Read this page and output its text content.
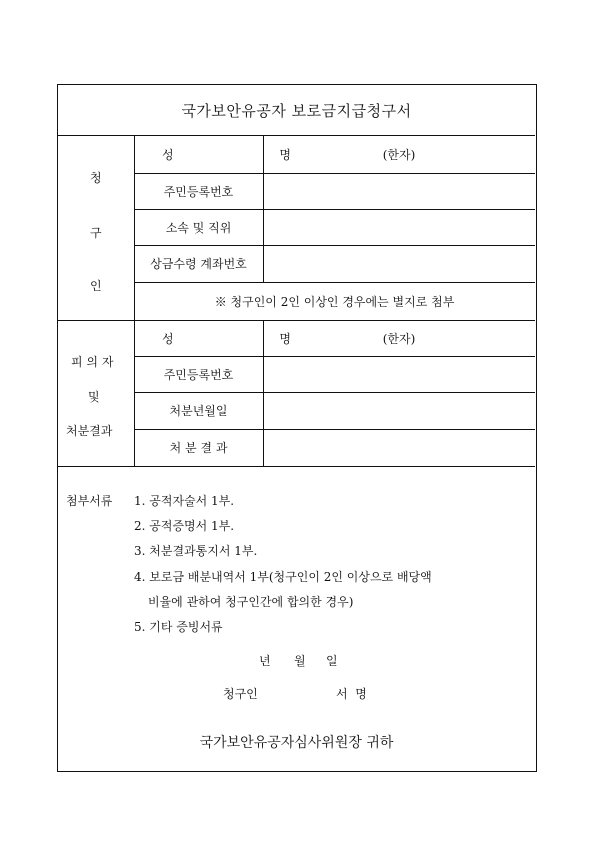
국가보안유공자 보로금지급청구서
청
구
인
성	명	(한자)
주민등록번호
소속 및 직위
상금수령 계좌번호
※ 청구인이 2인 이상인 경우에는 별지로 첨부
피 의 자
및
처분결과
성	명	(한자)
주민등록번호
처분년월일
처 분 결 과
첨부서류 1. 공적자술서 1부.
2. 공적증명서 1부.
3. 처분결과통지서 1부.
4. 보로금 배분내역서 1부(청구인이 2인 이상으로 배당액
비율에 관하여 청구인간에 합의한 경우)
5. 기타 증빙서류
년 월 일
청구인	서  명
국가보안유공자심사위원장 귀하
